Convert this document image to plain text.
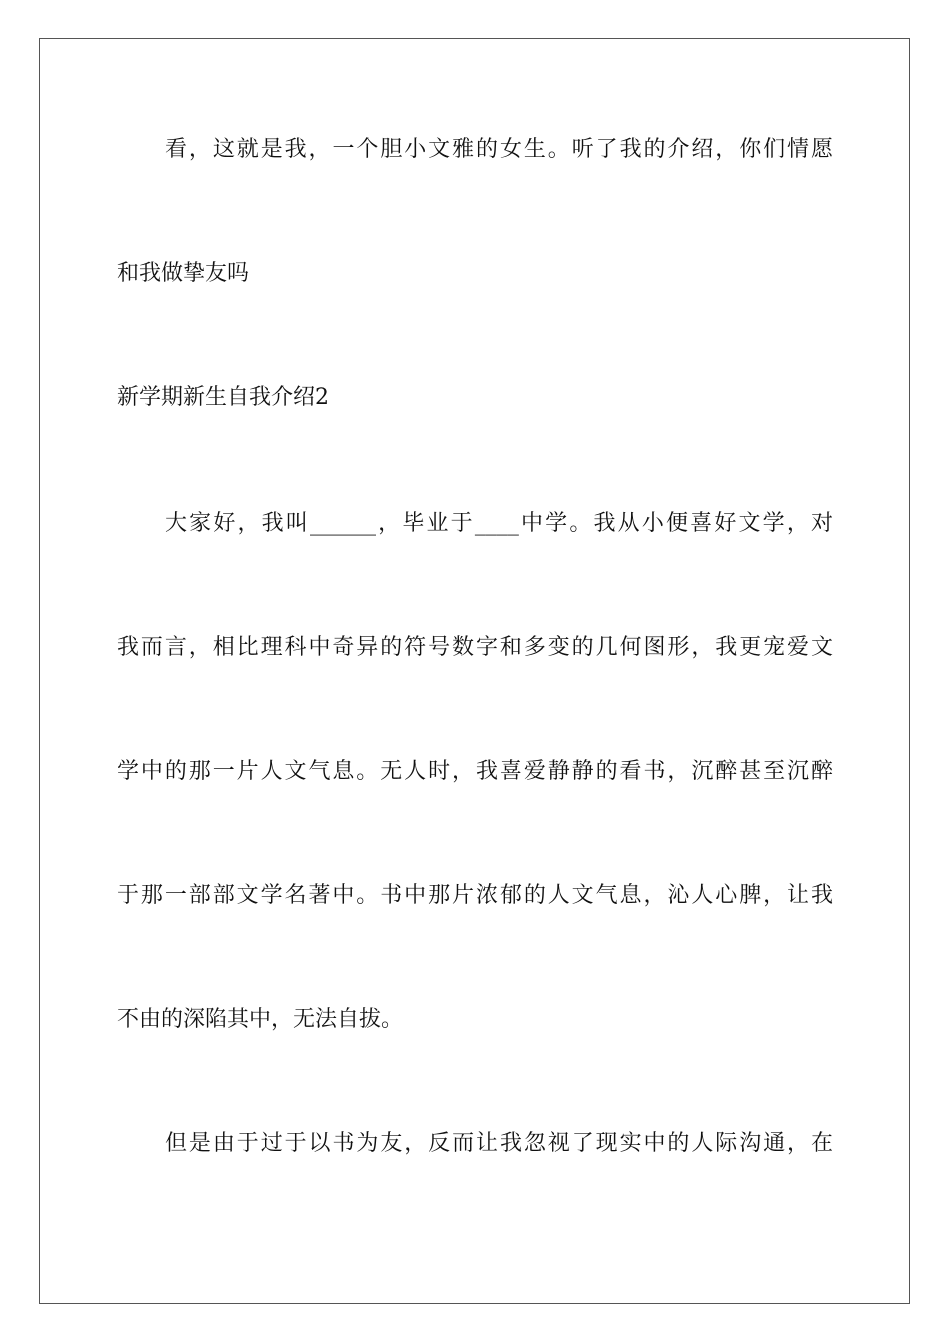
看，这就是我，一个胆小文雅的女生。听了我的介绍，你们情愿
和我做挚友吗
新学期新生自我介绍2
大家好，我叫______，毕业于____中学。我从小便喜好文学，对
我而言，相比理科中奇异的符号数字和多变的几何图形，我更宠爱文
学中的那一片人文气息。无人时，我喜爱静静的看书，沉醉甚至沉醉
于那一部部文学名著中。书中那片浓郁的人文气息，沁人心脾，让我
不由的深陷其中，无法自拔。
但是由于过于以书为友，反而让我忽视了现实中的人际沟通，在
